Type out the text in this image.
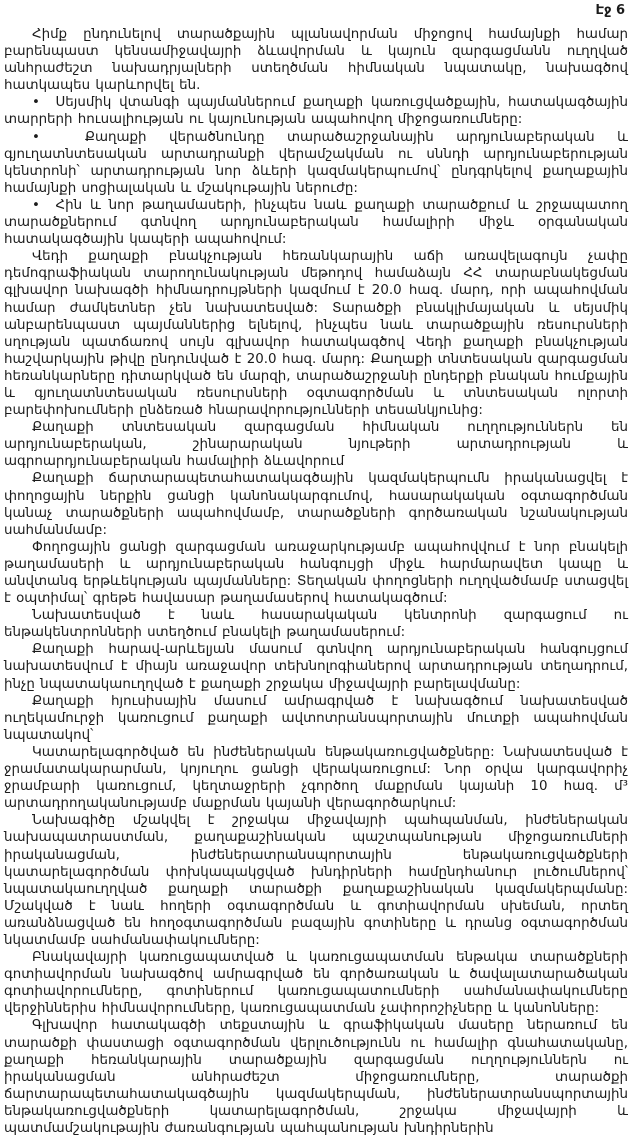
Էջ 6

Հիմք ընդունելով տարածքային պլանավորման միջոցով համայնքի համար բարենպաստ կենսամիջավայրի ձևավորման և կայուն զարգացմանն ուղղված անհրաժեշտ նախադրյալների ստեղծման հիմնական նպատակը, նախագծով հատկապես կարևորվել են.

•  Սեյսմիկ վտանգի պայմաններում քաղաքի կառուցվածքային, հատակագծային տարրերի հուսալիության ու կայունության ապահովող միջոցառումները:

•  Քաղաքի վերածնունդը տարածաշրջանային արդյունաբերական և գյուղատնտեսական արտադրանքի վերամշակման ու սննդի արդյունաբերության կենտրոնի՝ արտադրության նոր ձևերի կազմակերպումով՝ ընդգրկելով քաղաքային համայնքի սոցիալական և մշակութային ներուժը:

•  Հին և նոր թաղամասերի, ինչպես նաև քաղաքի տարածքում և շրջապատող տարածքներում գտնվող արդյունաբերական համալիրի միջև օրգանական հատակագծային կապերի ապահովում:

Վեդի քաղաքի բնակչության հեռանկարային աճի առավելագույն չափը դեմոգրաֆիական տարողունակության մեթոդով համաձայն ՀՀ տարաբնակեցման գլխավոր նախագծի հիմնադրույթների կազմում է 20.0 հազ. մարդ, որի ապահովման համար ժամկետներ չեն նախատեսված: Տարածքի բնակլիմայական և սեյսմիկ անբարենպաստ պայմաններից ելնելով, ինչպես նաև տարածքային ռեսուրսների սղության պատճառով սույն գլխավոր հատակագծով Վեդի քաղաքի բնակչության հաշվարկային թիվը ընդունված է 20.0 հազ. մարդ: Քաղաքի տնտեսական զարգացման հեռանկարները դիտարկված են մարզի, տարածաշրջանի ընդերքի բնական հումքային և գյուղատնտեսական ռեսուրսների օգտագործման և տնտեսական ոլորտի բարեփոխումների ընձեռած հնարավորությունների տեսանկյունից:

Քաղաքի տնտեսական զարգացման հիմնական ուղղություններն են արդյունաբերական, շինարարական նյութերի արտադրության և ագրոարդյունաբերական համալիրի ձևավորում

Քաղաքի ճարտարապետահատակագծային կազմակերպումն իրականացվել է փողոցային ներքին ցանցի կանոնակարգումով, հասարակական օգտագործման կանաչ տարածքների ապահովմամբ, տարածքների գործառական նշանակության սահմանմամբ:

Փողոցային ցանցի զարգացման առաջարկությամբ ապահովվում է նոր բնակելի թաղամասերի և արդյունաբերական հանգույցի միջև հարմարավետ կապը և անվտանգ երթևեկության պայմանները: Տեղական փողոցների ուղղվածմամբ ստացվել է օպտիմալ՝ գրեթե հավասար թաղամասերով հատակագծում:

Նախատեսված է նաև հասարակական կենտրոնի զարգացում ու ենթակենտրոնների ստեղծում բնակելի թաղամասերում:

Քաղաքի հարավ-արևելյան մասում գտնվող արդյունաբերական հանգույցում նախատեսվում է միայն առաջավոր տեխնոլոգիաներով արտադրության տեղադրում, ինչը նպատակաուղղված է քաղաքի շրջակա միջավայրի բարելավմանը:

Քաղաքի հյուսիսային մասում ամրագրված է նախագծում նախատեսված ուղեկամուրջի կառուցում քաղաքի ավտոտրանսպորտային մուտքի ապահովման նպատակով՝

Կատարելագործված են ինժեներական ենթակառուցվածքները: Նախատեսված է ջրամատակարարման, կոյուղու ցանցի վերակառուցում: Նոր օրվա կարգավորիչ ջրամբարի կառուցում, կեղտաջրերի չգործող մաքրման կայանի 10 հազ. մ³ արտադրողականությամբ մաքրման կայանի վերագործարկում:

Նախագիծը մշակվել է շրջակա միջավայրի պահպանման, ինժեներական նախապատրաստման, քաղաքաշինական պաշտպանության միջոցառումների իրականացման, ինժեներատրանսպորտային ենթակառուցվածքների կատարելագործման փոխկապակցված խնդիրների համընդհանուր լուծումներով՝ նպատակաուղղված քաղաքի տարածքի քաղաքաշինական կազմակերպմանը: Մշակված է նաև հողերի օգտագործման և գոտիավորման սխեման, որտեղ առանձնացված են հողօգտագործման բազային գոտիները և դրանց օգտագործման նկատմամբ սահմանափակումները:

Բնակավայրի կառուցապատված և կառուցապատման ենթակա տարածքների գոտիավորման նախագծով ամրագրված են գործառական և ծավալատարածական գոտիավորումները, գոտիներում կառուցապատումների սահմանափակումները վերջիններիս հիմնավորումները, կառուցապատման չափորոշիչները և կանոնները:

Գլխավոր հատակագծի տեքստային և գրաֆիկական մասերը ներառում են տարածքի փաստացի օգտագործման վերլուծությունն ու համալիր գնահատականը, քաղաքի հեռանկարային տարածքային զարգացման ուղղություններն ու իրականացման անհրաժեշտ միջոցառումները, տարածքի ճարտարապետահատակագծային կազմակերպման, ինժեներատրանսպորտային ենթակառուցվածքների կատարելագործման, շրջակա միջավայրի և պատմամշակութային ժառանգության պահպանության խնդիրներին
